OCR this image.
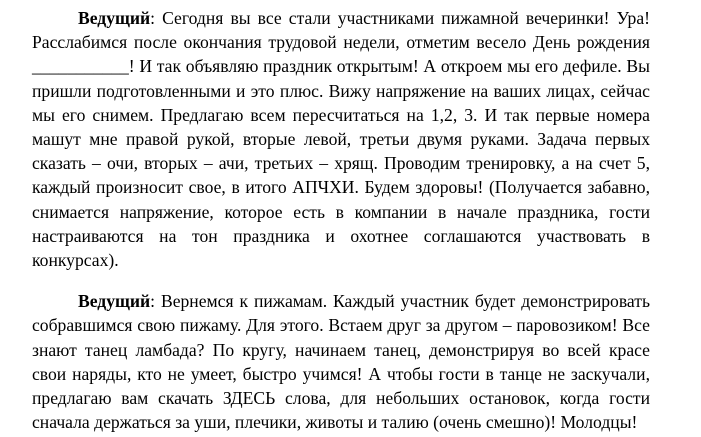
Ведущий: Сегодня вы все стали участниками пижамной вечеринки! Ура! Расслабимся после окончания трудовой недели, отметим весело День рождения ___________! И так объявляю праздник открытым! А откроем мы его дефиле. Вы пришли подготовленными и это плюс. Вижу напряжение на ваших лицах, сейчас мы его снимем. Предлагаю всем пересчитаться на 1,2, 3. И так первые номера машут мне правой рукой, вторые левой, третьи двумя руками. Задача первых сказать – очи, вторых – ачи, третьих – хрящ. Проводим тренировку, а на счет 5, каждый произносит свое, в итого АПЧХИ. Будем здоровы! (Получается забавно, снимается напряжение, которое есть в компании в начале праздника, гости настраиваются на тон праздника и охотнее соглашаются участвовать в конкурсах).

Ведущий: Вернемся к пижамам. Каждый участник будет демонстрировать собравшимся свою пижаму. Для этого. Встаем друг за другом – паровозиком! Все знают танец ламбада? По кругу, начинаем танец, демонстрируя во всей красе свои наряды, кто не умеет, быстро учимся! А чтобы гости в танце не заскучали, предлагаю вам скачать ЗДЕСЬ слова, для небольших остановок, когда гости сначала держаться за уши, плечики, животы и талию (очень смешно)! Молодцы!
